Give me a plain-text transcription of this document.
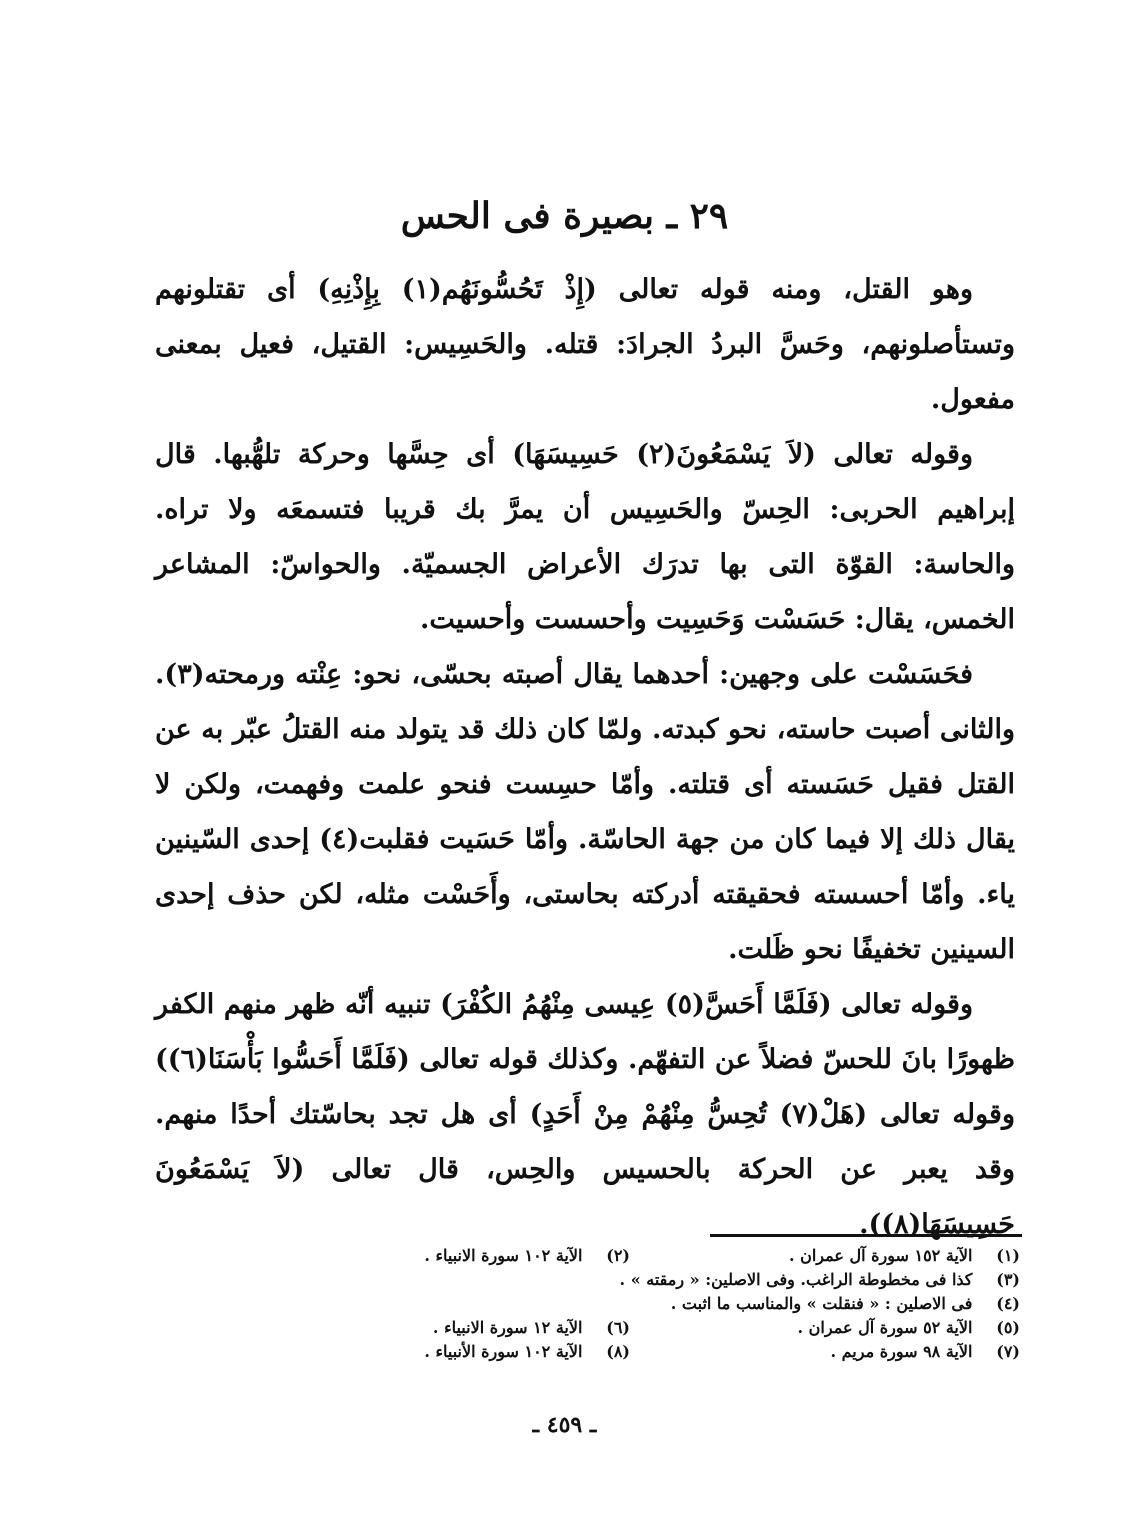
٢٩ ـ بصيرة فى الحس

وهو القتل، ومنه قوله تعالى (إِذْ تَحُسُّونَهُم(١) بِإِذْنِهِ) أى تقتلونهم وتستأصلونهم، وحَسَّ البردُ الجرادَ: قتله. والحَسِيس: القتيل، فعيل بمعنى مفعول.

وقوله تعالى (لاَ يَسْمَعُونَ(٢) حَسِيسَهَا) أى حِسَّها وحركة تلهُّبها. قال إبراهيم الحربى: الحِسّ والحَسِيس أن يمرَّ بك قريبا فتسمعَه ولا تراه. والحاسة: القوّة التى بها تدرَك الأعراض الجسميّة. والحواسّ: المشاعر الخمس، يقال: حَسَسْت وَحَسِيت وأحسست وأحسيت.

فحَسَسْت على وجهين: أحدهما يقال أصبته بحسّى، نحو: عِنْته ورمحته(٣). والثانى أصبت حاسته، نحو كبدته. ولمّا كان ذلك قد يتولد منه القتلُ عبّر به عن القتل فقيل حَسَسته أى قتلته. وأمّا حسِست فنحو علمت وفهمت، ولكن لا يقال ذلك إلا فيما كان من جهة الحاسّة. وأمّا حَسَيت فقلبت(٤) إحدى السّينين ياء. وأمّا أحسسته فحقيقته أدركته بحاستى، وأَحَسْت مثله، لكن حذف إحدى السينين تخفيفًا نحو ظَلت.

وقوله تعالى (فَلَمَّا أَحَسَّ(٥) عِيسى مِنْهُمُ الكُفْرَ) تنبيه أنّه ظهر منهم الكفر ظهورًا بانَ للحسّ فضلاً عن التفهّم. وكذلك قوله تعالى (فَلَمَّا أَحَسُّوا بَأْسَنَا(٦)) وقوله تعالى (هَلْ(٧) تُحِسُّ مِنْهُمْ مِنْ أَحَدٍ) أى هل تجد بحاسّتك أحدًا منهم. وقد يعبر عن الحركة بالحسيس والحِس، قال تعالى (لاَ يَسْمَعُونَ حَسِيسَهَا(٨)).

(١) الآية ١٥٢ سورة آل عمران .
(٢) الآية ١٠٢ سورة الانبياء .
(٣) كذا فى مخطوطة الراغب. وفى الاصلين: « رمقته » .
(٤) فى الاصلين : « فنقلت » والمناسب ما اثبت .
(٥) الآية ٥٢ سورة آل عمران .
(٦) الآية ١٢ سورة الانبياء .
(٧) الآية ٩٨ سورة مريم .
(٨) الآية ١٠٢ سورة الأنبياء .
ـ ٤٥٩ ـ
